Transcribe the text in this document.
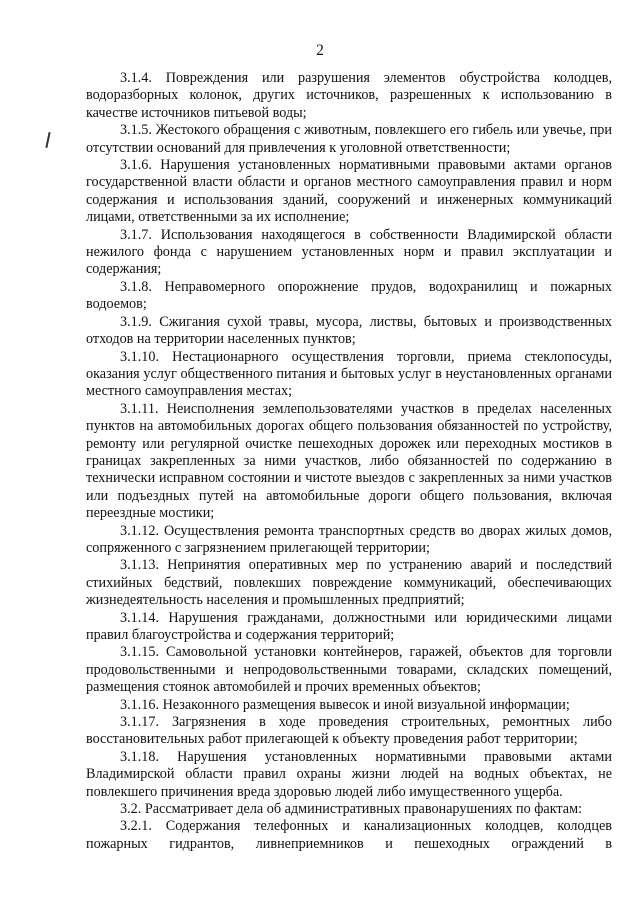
2

3.1.4. Повреждения или разрушения элементов обустройства колодцев, водоразборных колонок, других источников, разрешенных к использованию в качестве источников питьевой воды;

3.1.5. Жестокого обращения с животным, повлекшего его гибель или увечье, при отсутствии оснований для привлечения к уголовной ответственности;

3.1.6. Нарушения установленных нормативными правовыми актами органов государственной власти области и органов местного самоуправления правил и норм содержания и использования зданий, сооружений и инженерных коммуникаций лицами, ответственными за их исполнение;

3.1.7. Использования находящегося в собственности Владимирской области нежилого фонда с нарушением установленных норм и правил эксплуатации и содержания;

3.1.8. Неправомерного опорожнение прудов, водохранилищ и пожарных водоемов;

3.1.9. Сжигания сухой травы, мусора, листвы, бытовых и производственных отходов на территории населенных пунктов;

3.1.10. Нестационарного осуществления торговли, приема стеклопосуды, оказания услуг общественного питания и бытовых услуг в неустановленных органами местного самоуправления местах;

3.1.11. Неисполнения землепользователями участков в пределах населенных пунктов на автомобильных дорогах общего пользования обязанностей по устройству, ремонту или регулярной очистке пешеходных дорожек или переходных мостиков в границах закрепленных за ними участков, либо обязанностей по содержанию в технически исправном состоянии и чистоте выездов с закрепленных за ними участков или подъездных путей на автомобильные дороги общего пользования, включая переездные мостики;

3.1.12. Осуществления ремонта транспортных средств во дворах жилых домов, сопряженного с загрязнением прилегающей территории;

3.1.13. Непринятия оперативных мер по устранению аварий и последствий стихийных бедствий, повлекших повреждение коммуникаций, обеспечивающих жизнедеятельность населения и промышленных предприятий;

3.1.14. Нарушения гражданами, должностными или юридическими лицами правил благоустройства и содержания территорий;

3.1.15. Самовольной установки контейнеров, гаражей, объектов для торговли продовольственными и непродовольственными товарами, складских помещений, размещения стоянок автомобилей и прочих временных объектов;

3.1.16. Незаконного размещения вывесок и иной визуальной информации;

3.1.17. Загрязнения в ходе проведения строительных, ремонтных либо восстановительных работ прилегающей к объекту проведения работ территории;

3.1.18. Нарушения установленных нормативными правовыми актами Владимирской области правил охраны жизни людей на водных объектах, не повлекшего причинения вреда здоровью людей либо имущественного ущерба.

3.2. Рассматривает дела об административных правонарушениях по фактам:

3.2.1. Содержания телефонных и канализационных колодцев, колодцев пожарных гидрантов, ливнеприемников и пешеходных ограждений в
